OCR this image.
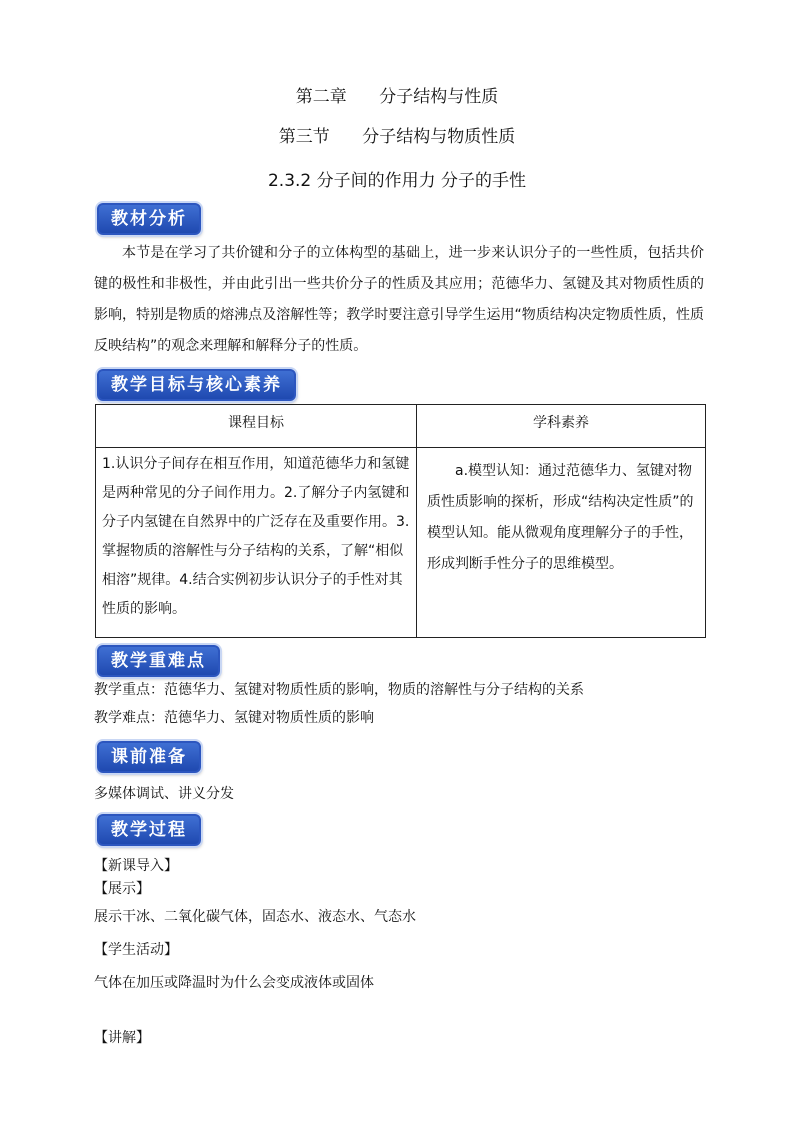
第二章      分子结构与性质
第三节      分子结构与物质性质
2.3.2 分子间的作用力 分子的手性
教材分析
本节是在学习了共价键和分子的立体构型的基础上，进一步来认识分子的一些性质，包括共价键的极性和非极性，并由此引出一些共价分子的性质及其应用；范德华力、氢键及其对物质性质的影响，特别是物质的熔沸点及溶解性等；教学时要注意引导学生运用“物质结构决定物质性质，性质反映结构”的观念来理解和解释分子的性质。
教学目标与核心素养
课程目标	学科素养

1.认识分子间存在相互作用，知道范德华力和氢键是两种常见的分子间作用力。2.了解分子内氢键和分子内氢键在自然界中的广泛存在及重要作用。3.掌握物质的溶解性与分子结构的关系，了解“相似相溶”规律。4.结合实例初步认识分子的手性对其性质的影响。	a.模型认知：通过范德华力、氢键对物质性质影响的探析，形成“结构决定性质”的模型认知。能从微观角度理解分子的手性，形成判断手性分子的思维模型。
教学重难点
教学重点：范德华力、氢键对物质性质的影响，物质的溶解性与分子结构的关系
教学难点：范德华力、氢键对物质性质的影响
课前准备
多媒体调试、讲义分发
教学过程
【新课导入】
【展示】
展示干冰、二氧化碳气体，固态水、液态水、气态水
【学生活动】
气体在加压或降温时为什么会变成液体或固体
【讲解】
